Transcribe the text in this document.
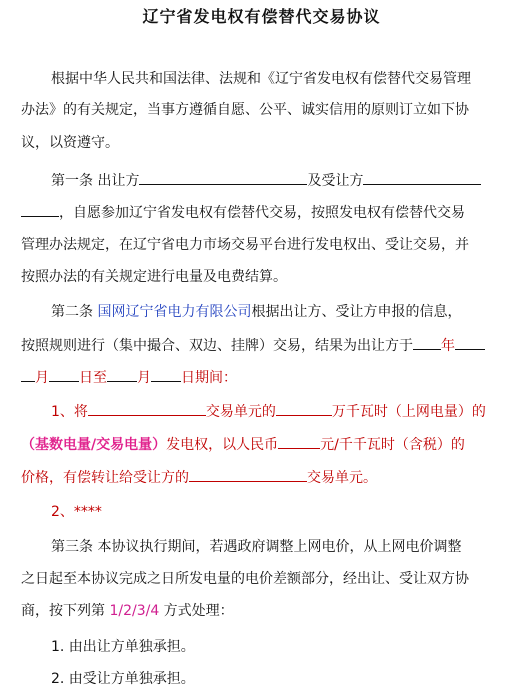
辽宁省发电权有偿替代交易协议
根据中华人民共和国法律、法规和《辽宁省发电权有偿替代交易管理
办法》的有关规定，当事方遵循自愿、公平、诚实信用的原则订立如下协
议，以资遵守。
第一条 出让方	及受让方
，自愿参加辽宁省发电权有偿替代交易，按照发电权有偿替代交易
管理办法规定，在辽宁省电力市场交易平台进行发电权出、受让交易，并
按照办法的有关规定进行电量及电费结算。
第二条 国网辽宁省电力有限公司根据出让方、受让方申报的信息，
按照规则进行（集中撮合、双边、挂牌）交易，结果为出让方于 年
月 日至 月 日期间：
1、将	交易单元的	万千瓦时（上网电量）的
（基数电量/交易电量）发电权，以人民币	元/千千瓦时（含税）的
价格，有偿转让给受让方的	交易单元。
2、****
第三条 本协议执行期间，若遇政府调整上网电价，从上网电价调整
之日起至本协议完成之日所发电量的电价差额部分，经出让、受让双方协
商，按下列第 1/2/3/4 方式处理：
1. 由出让方单独承担。
2. 由受让方单独承担。
